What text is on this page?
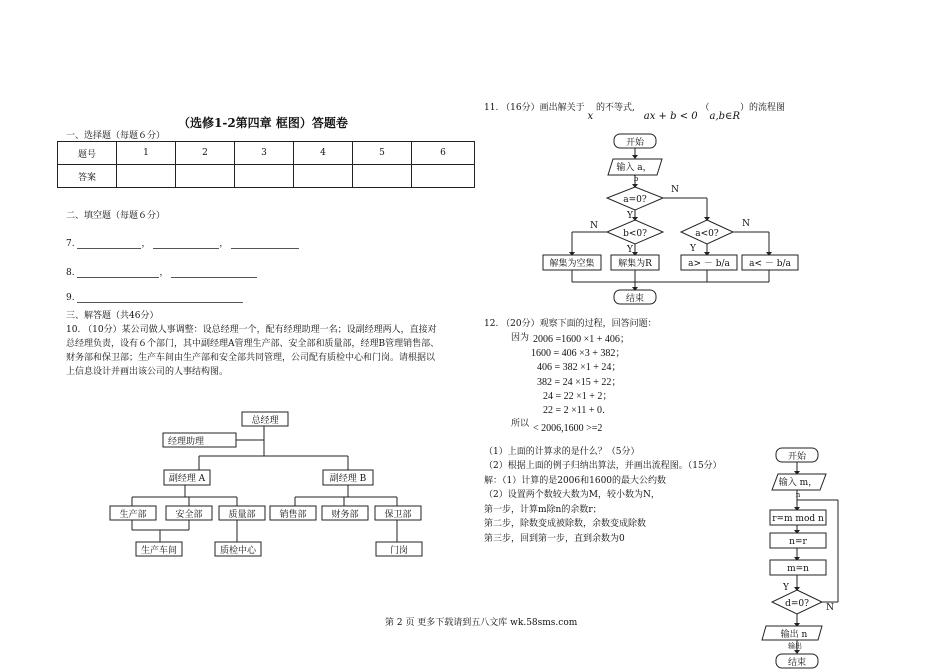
（选修1-2第四章 框图）答题卷
一、选择题（每题６分）
题号	1	2	3	4	5	6
答案						
二、填空题（每题６分）
7.	，	，
8.	，
9.
三、解答题（共46分）
10. （10分）某公司做人事调整：设总经理一个，配有经理助理一名；设副经理两人，直接对
总经理负责，设有６个部门，其中副经理A管理生产部、安全部和质量部，经理B管理销售部、
财务部和保卫部；生产车间由生产部和安全部共同管理，公司配有质检中心和门岗。请根据以
上信息设计并画出该公司的人事结构图。
总经理
经理助理
副经理 A	副经理 B
生产部	安全部	质量部	销售部	财务部	保卫部
生产车间	质检中心	门岗
11. （16分）画出解关于 x 的不等式, ax + b < 0 （a,b∈R）的流程图
开始
输入 a，
b
a=0?
b<0?	a<0?
解集为空集	解集为R	a> － b/a a< － b/a
结束
N
Y
N
Y	Y
N
12. （20分）观察下面的过程，回答问题：
因为 2006 =1600 ×1 + 406；
1600 = 406 ×3 + 382；
406 = 382 ×1 + 24；
382 = 24 ×15 + 22；
24 = 22 ×1 + 2；
22 = 2 ×11 + 0．
所以 < 2006,1600 >=2
（1）上面的计算求的是什么？（5分）
（2）根据上面的例子归纳出算法，并画出流程图。（15分）
解：（1）计算的是2006和1600的最大公约数
（2）设置两个数较大数为M，较小数为N，
第一步，计算m除n的余数r；
第二步，除数变成被除数，余数变成除数
第三步，回到第一步，直到余数为0
开始
输入 m，
n
r=m mod n
n=r
m=n
d=0?
Y
N
输出 n
输出
结束
第 2 页 更多下载请到五八文库 wk.58sms.com
